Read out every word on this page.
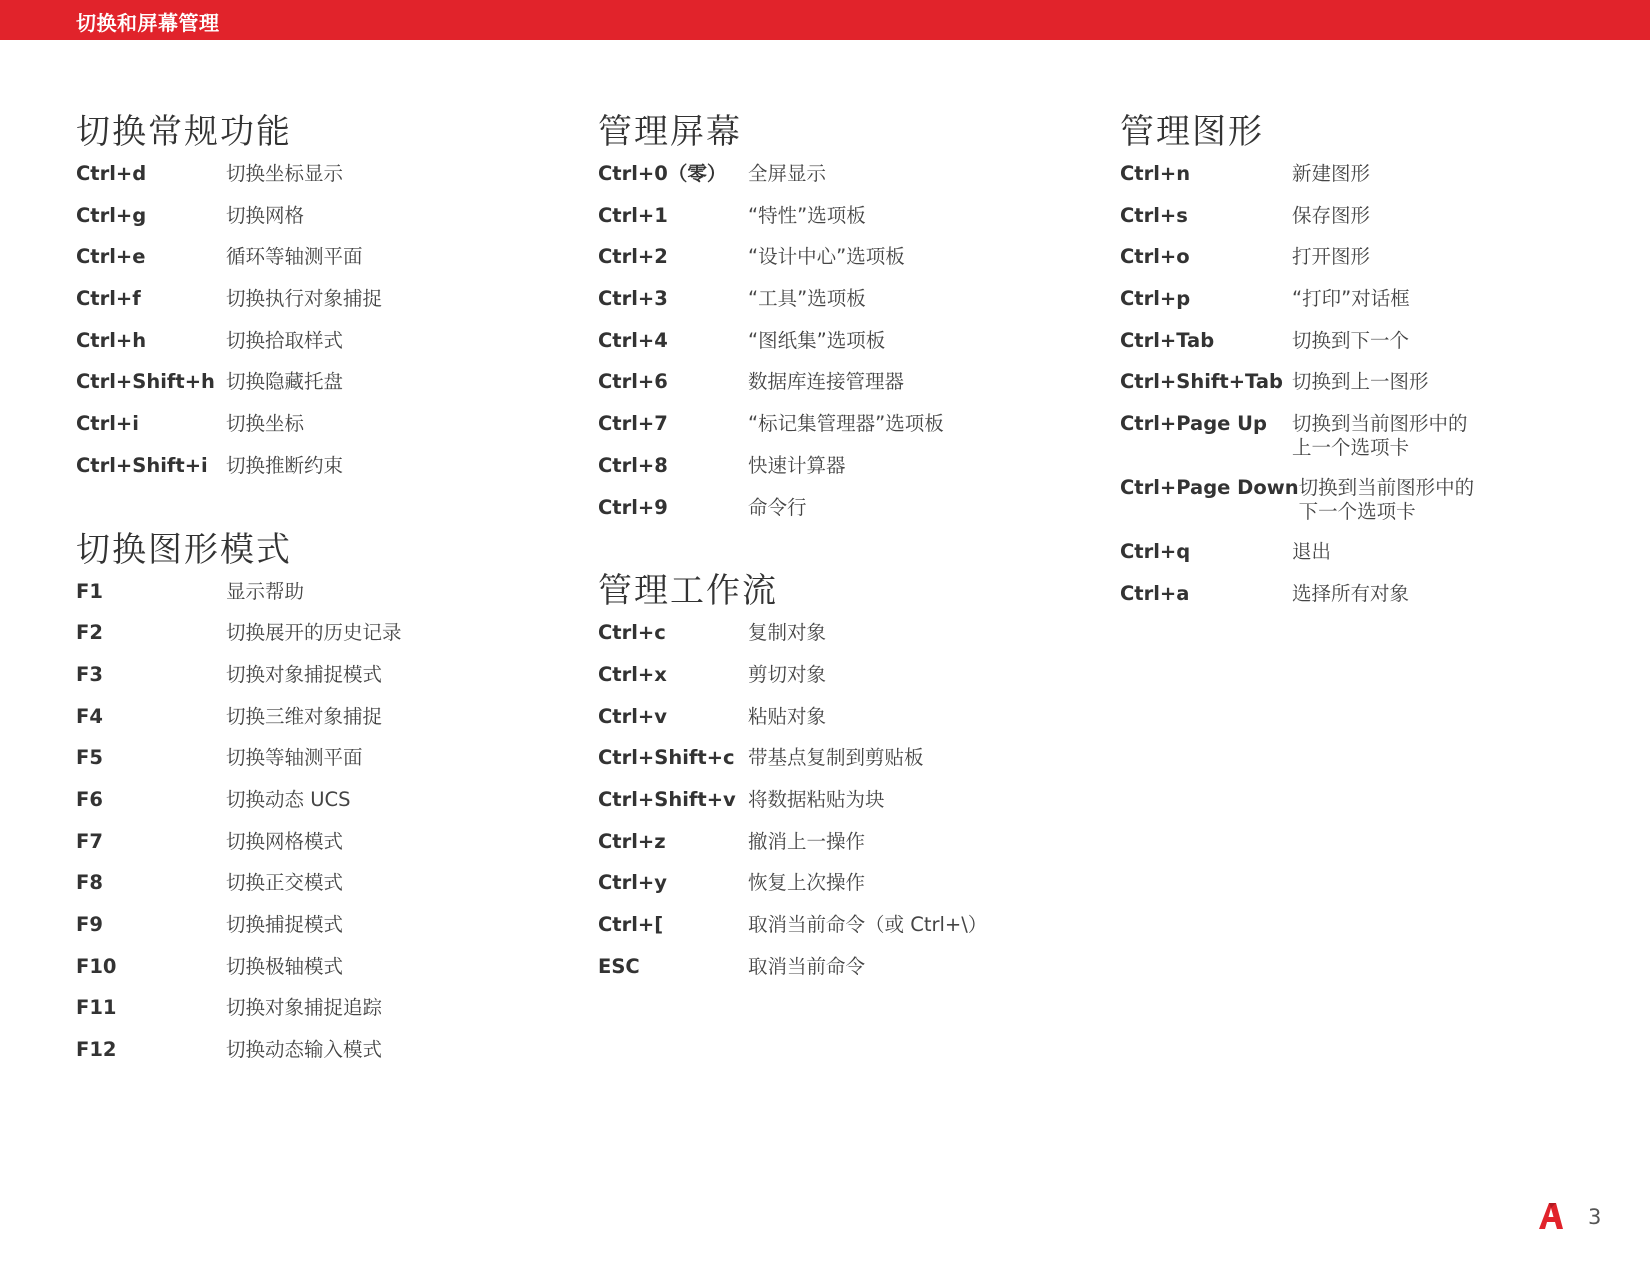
切换和屏幕管理
切换常规功能
Ctrl+d	切换坐标显示
Ctrl+g	切换网格
Ctrl+e	循环等轴测平面
Ctrl+f	切换执行对象捕捉
Ctrl+h	切换拾取样式
Ctrl+Shift+h 切换隐藏托盘
Ctrl+i	切换坐标
Ctrl+Shift+i 切换推断约束
切换图形模式
F1	显示帮助
F2	切换展开的历史记录
F3	切换对象捕捉模式
F4	切换三维对象捕捉
F5	切换等轴测平面
F6	切换动态 UCS
F7	切换网格模式
F8	切换正交模式
F9	切换捕捉模式
F10	切换极轴模式
F11	切换对象捕捉追踪
F12	切换动态输入模式
管理屏幕
Ctrl+0（零）	全屏显示
Ctrl+1	“特性”选项板
Ctrl+2	“设计中心”选项板
Ctrl+3	“工具”选项板
Ctrl+4	“图纸集”选项板
Ctrl+6	数据库连接管理器
Ctrl+7	“标记集管理器”选项板
Ctrl+8	快速计算器
Ctrl+9	命令行
管理工作流
Ctrl+c	复制对象
Ctrl+x	剪切对象
Ctrl+v	粘贴对象
Ctrl+Shift+c 带基点复制到剪贴板
Ctrl+Shift+v 将数据粘贴为块
Ctrl+z	撤消上一操作
Ctrl+y	恢复上次操作
Ctrl+[	取消当前命令（或 Ctrl+\）
ESC	取消当前命令
管理图形
Ctrl+n	新建图形
Ctrl+s	保存图形
Ctrl+o	打开图形
Ctrl+p	“打印”对话框
Ctrl+Tab	切换到下一个
Ctrl+Shift+Tab 切换到上一图形
Ctrl+Page Up	切换到当前图形中的
上一个选项卡
Ctrl+Page Down 切换到当前图形中的
下一个选项卡
Ctrl+q	退出
Ctrl+a	选择所有对象
3
